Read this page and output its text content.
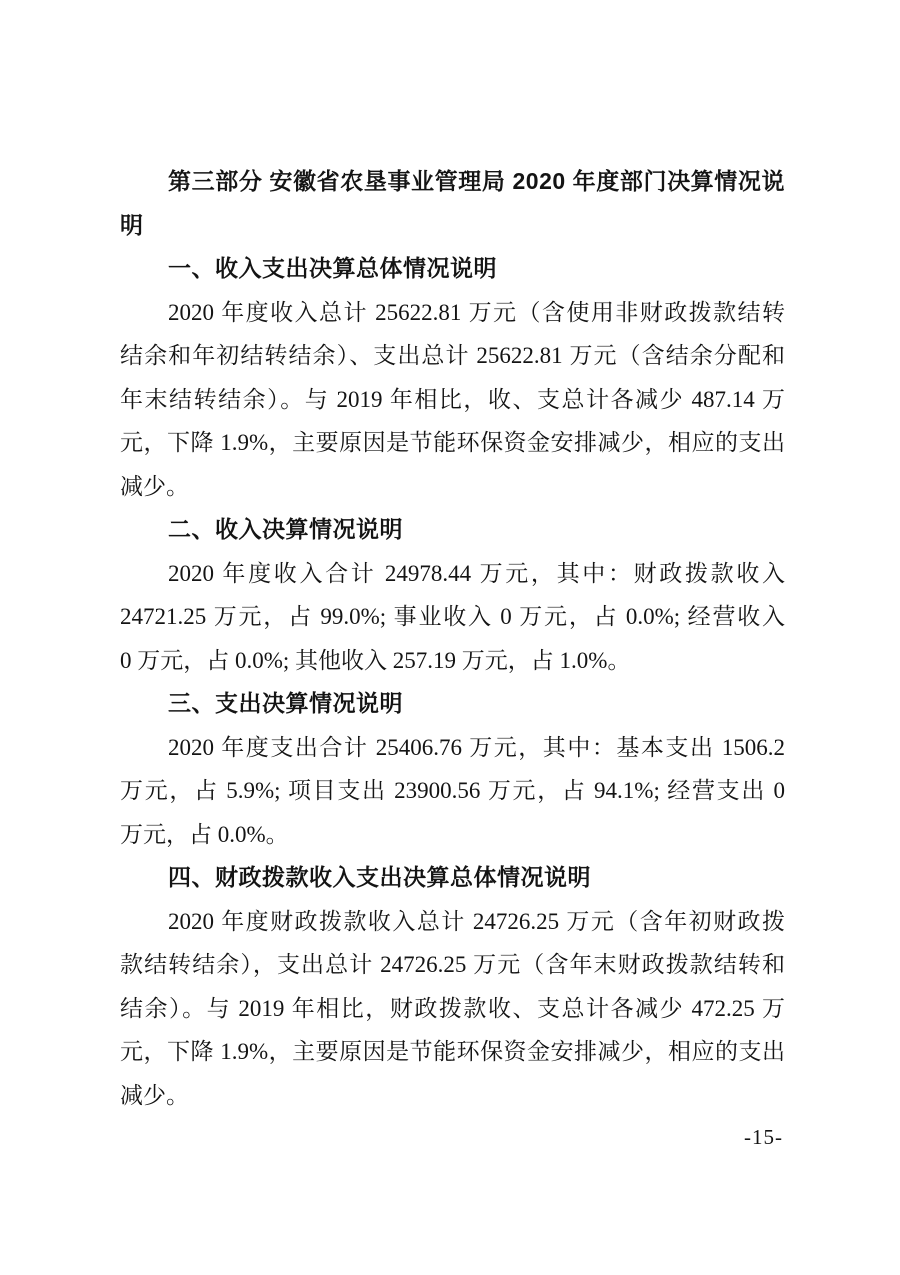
第三部分 安徽省农垦事业管理局 2020 年度部门决算情况说
明
一、收入支出决算总体情况说明
2020 年度收入总计 25622.81 万元（含使用非财政拨款结转
结余和年初结转结余）、支出总计 25622.81 万元（含结余分配和
年末结转结余）。与 2019 年相比，收、支总计各减少 487.14 万
元，下降 1.9%，主要原因是节能环保资金安排减少，相应的支出
减少。
二、收入决算情况说明
2020 年度收入合计 24978.44 万元，其中：财政拨款收入
24721.25 万元，占 99.0%; 事业收入 0 万元，占 0.0%; 经营收入
0 万元，占 0.0%; 其他收入 257.19 万元，占 1.0%。
三、支出决算情况说明
2020 年度支出合计 25406.76 万元，其中：基本支出 1506.2
万元，占 5.9%; 项目支出 23900.56 万元，占 94.1%; 经营支出 0
万元，占 0.0%。
四、财政拨款收入支出决算总体情况说明
2020 年度财政拨款收入总计 24726.25 万元（含年初财政拨
款结转结余），支出总计 24726.25 万元（含年末财政拨款结转和
结余）。与 2019 年相比，财政拨款收、支总计各减少 472.25 万
元，下降 1.9%，主要原因是节能环保资金安排减少，相应的支出
减少。
-15-
